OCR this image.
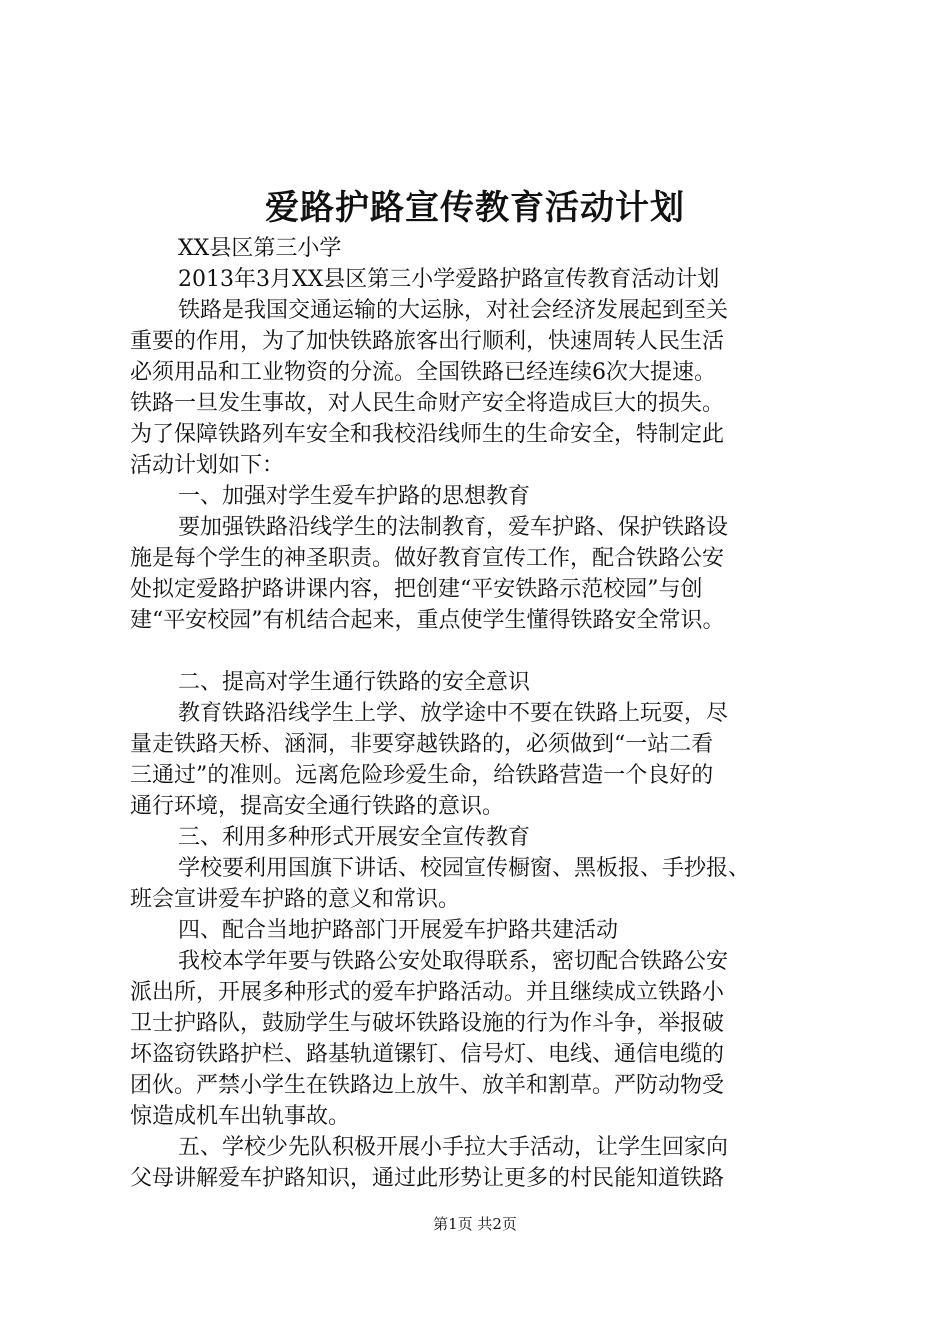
爱路护路宣传教育活动计划
XX县区第三小学
2013年3月XX县区第三小学爱路护路宣传教育活动计划
铁路是我国交通运输的大运脉，对社会经济发展起到至关
重要的作用，为了加快铁路旅客出行顺利，快速周转人民生活
必须用品和工业物资的分流。全国铁路已经连续6次大提速。
铁路一旦发生事故，对人民生命财产安全将造成巨大的损失。
为了保障铁路列车安全和我校沿线师生的生命安全，特制定此
活动计划如下：
一、加强对学生爱车护路的思想教育
要加强铁路沿线学生的法制教育，爱车护路、保护铁路设
施是每个学生的神圣职责。做好教育宣传工作，配合铁路公安
处拟定爱路护路讲课内容，把创建“平安铁路示范校园”与创
建“平安校园”有机结合起来，重点使学生懂得铁路安全常识。
二、提高对学生通行铁路的安全意识
教育铁路沿线学生上学、放学途中不要在铁路上玩耍，尽
量走铁路天桥、涵洞，非要穿越铁路的，必须做到“一站二看
三通过”的准则。远离危险珍爱生命，给铁路营造一个良好的
通行环境，提高安全通行铁路的意识。
三、利用多种形式开展安全宣传教育
学校要利用国旗下讲话、校园宣传橱窗、黑板报、手抄报、
班会宣讲爱车护路的意义和常识。
四、配合当地护路部门开展爱车护路共建活动
我校本学年要与铁路公安处取得联系，密切配合铁路公安
派出所，开展多种形式的爱车护路活动。并且继续成立铁路小
卫士护路队，鼓励学生与破坏铁路设施的行为作斗争，举报破
坏盗窃铁路护栏、路基轨道镙钉、信号灯、电线、通信电缆的
团伙。严禁小学生在铁路边上放牛、放羊和割草。严防动物受
惊造成机车出轨事故。
五、学校少先队积极开展小手拉大手活动，让学生回家向
父母讲解爱车护路知识，通过此形势让更多的村民能知道铁路
第1页 共2页
